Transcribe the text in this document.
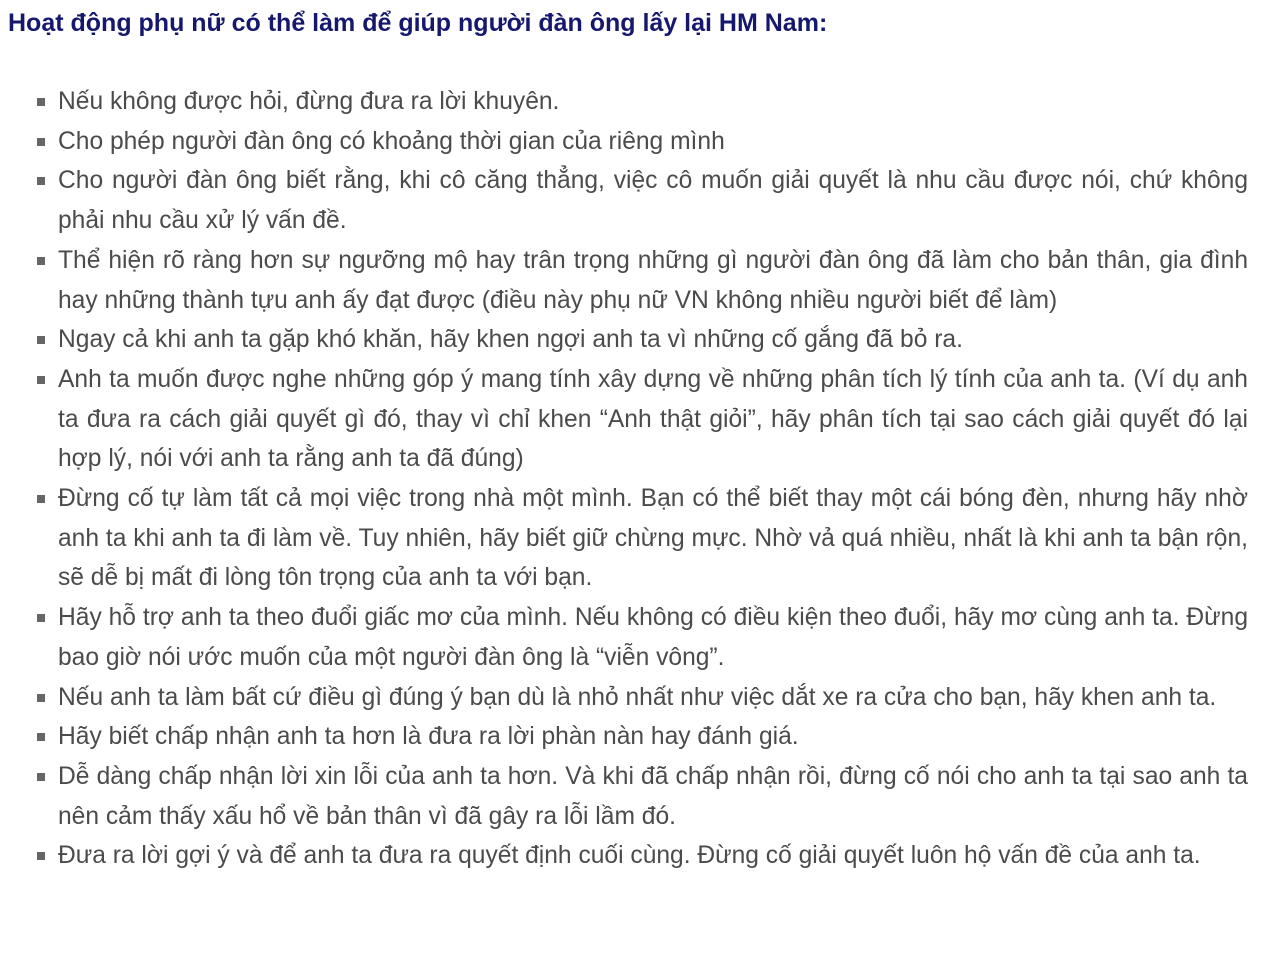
Hoạt động phụ nữ có thể làm để giúp người đàn ông lấy lại HM Nam:
Nếu không được hỏi, đừng đưa ra lời khuyên.
Cho phép người đàn ông có khoảng thời gian của riêng mình
Cho người đàn ông biết rằng, khi cô căng thẳng, việc cô muốn giải quyết là nhu cầu được nói, chứ không phải nhu cầu xử lý vấn đề.
Thể hiện rõ ràng hơn sự ngưỡng mộ hay trân trọng những gì người đàn ông đã làm cho bản thân, gia đình hay những thành tựu anh ấy đạt được (điều này phụ nữ VN không nhiều người biết để làm)
Ngay cả khi anh ta gặp khó khăn, hãy khen ngợi anh ta vì những cố gắng đã bỏ ra.
Anh ta muốn được nghe những góp ý mang tính xây dựng về những phân tích lý tính của anh ta. (Ví dụ anh ta đưa ra cách giải quyết gì đó, thay vì chỉ khen “Anh thật giỏi”, hãy phân tích tại sao cách giải quyết đó lại hợp lý, nói với anh ta rằng anh ta đã đúng)
Đừng cố tự làm tất cả mọi việc trong nhà một mình. Bạn có thể biết thay một cái bóng đèn, nhưng hãy nhờ anh ta khi anh ta đi làm về. Tuy nhiên, hãy biết giữ chừng mực. Nhờ vả quá nhiều, nhất là khi anh ta bận rộn, sẽ dễ bị mất đi lòng tôn trọng của anh ta với bạn.
Hãy hỗ trợ anh ta theo đuổi giấc mơ của mình. Nếu không có điều kiện theo đuổi, hãy mơ cùng anh ta. Đừng bao giờ nói ước muốn của một người đàn ông là “viễn vông”.
Nếu anh ta làm bất cứ điều gì đúng ý bạn dù là nhỏ nhất như việc dắt xe ra cửa cho bạn, hãy khen anh ta.
Hãy biết chấp nhận anh ta hơn là đưa ra lời phàn nàn hay đánh giá.
Dễ dàng chấp nhận lời xin lỗi của anh ta hơn. Và khi đã chấp nhận rồi, đừng cố nói cho anh ta tại sao anh ta nên cảm thấy xấu hổ về bản thân vì đã gây ra lỗi lầm đó.
Đưa ra lời gợi ý và để anh ta đưa ra quyết định cuối cùng. Đừng cố giải quyết luôn hộ vấn đề của anh ta.
